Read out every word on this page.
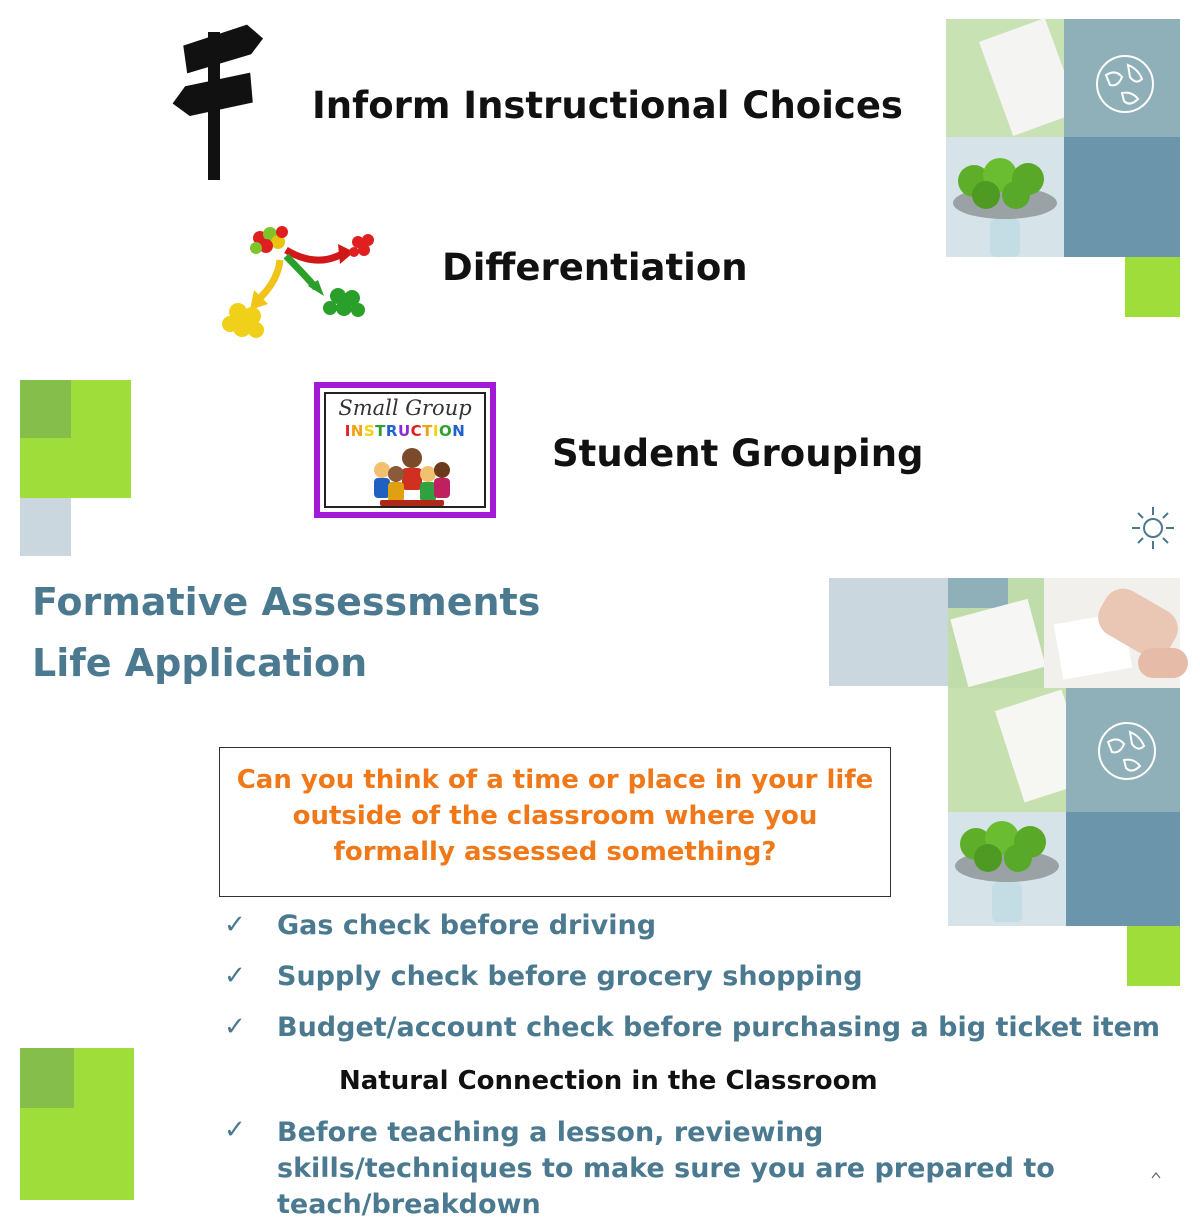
Inform Instructional Choices
Differentiation
Small Group
INSTRUCTION
Student Grouping
Formative Assessments
Life Application
Can you think of a time or place in your life outside of the classroom where you formally assessed something?
✓ Gas check before driving
✓ Supply check before grocery shopping
✓ Budget/account check before purchasing a big ticket item
Natural Connection in the Classroom
✓ Before teaching a lesson, reviewing skills/techniques to make sure you are prepared to teach/breakdown
